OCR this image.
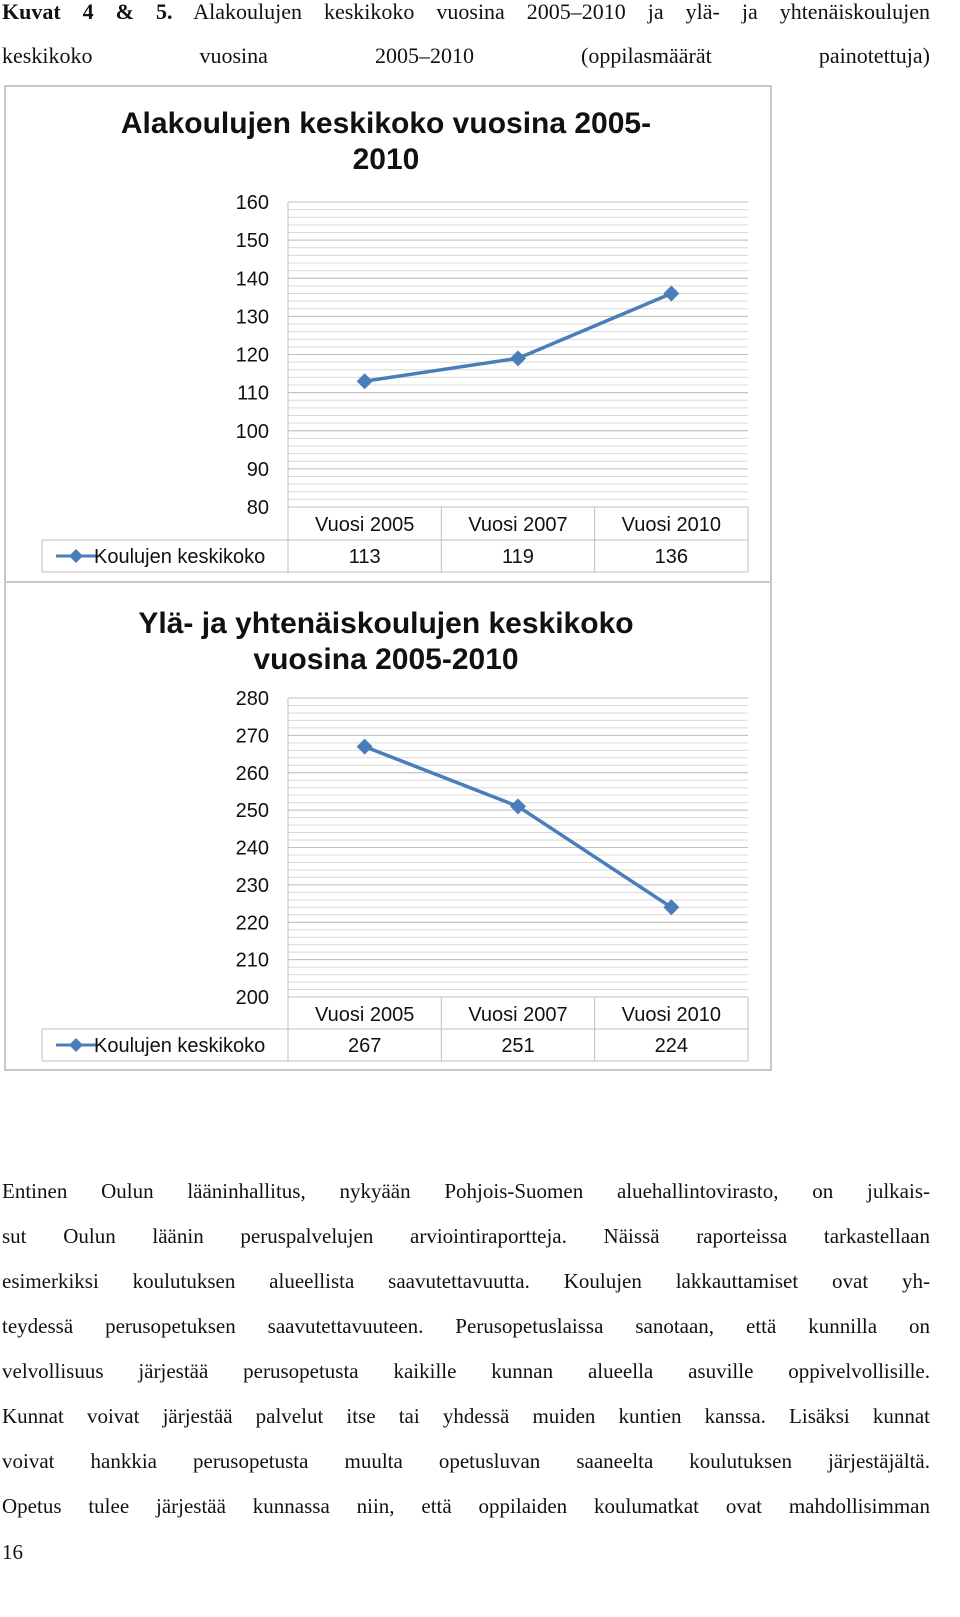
Kuvat 4 & 5. Alakoulujen keskikoko vuosina 2005–2010 ja ylä- ja yhtenäiskoulujen
keskikoko vuosina 2005–2010 (oppilasmäärät painotettuja)
Alakoulujen keskikoko vuosina 2005-
2010
160
150
140
130
120
110
100
90
80
Vuosi 2005	Vuosi 2007	Vuosi 2010
Koulujen keskikoko	113	119	136
Ylä- ja yhtenäiskoulujen keskikoko
vuosina 2005-2010
280
270
260
250
240
230
220
210
200
Vuosi 2005	Vuosi 2007	Vuosi 2010
Koulujen keskikoko	267	251	224
Entinen Oulun lääninhallitus, nykyään Pohjois-Suomen aluehallintovirasto, on julkais-
sut Oulun läänin peruspalvelujen arviointiraportteja. Näissä raporteissa tarkastellaan
esimerkiksi koulutuksen alueellista saavutettavuutta. Koulujen lakkauttamiset ovat yh-
teydessä perusopetuksen saavutettavuuteen. Perusopetuslaissa sanotaan, että kunnilla on
velvollisuus järjestää perusopetusta kaikille kunnan alueella asuville oppivelvollisille.
Kunnat voivat järjestää palvelut itse tai yhdessä muiden kuntien kanssa. Lisäksi kunnat
voivat hankkia perusopetusta muulta opetusluvan saaneelta koulutuksen järjestäjältä.
Opetus tulee järjestää kunnassa niin, että oppilaiden koulumatkat ovat mahdollisimman
16
